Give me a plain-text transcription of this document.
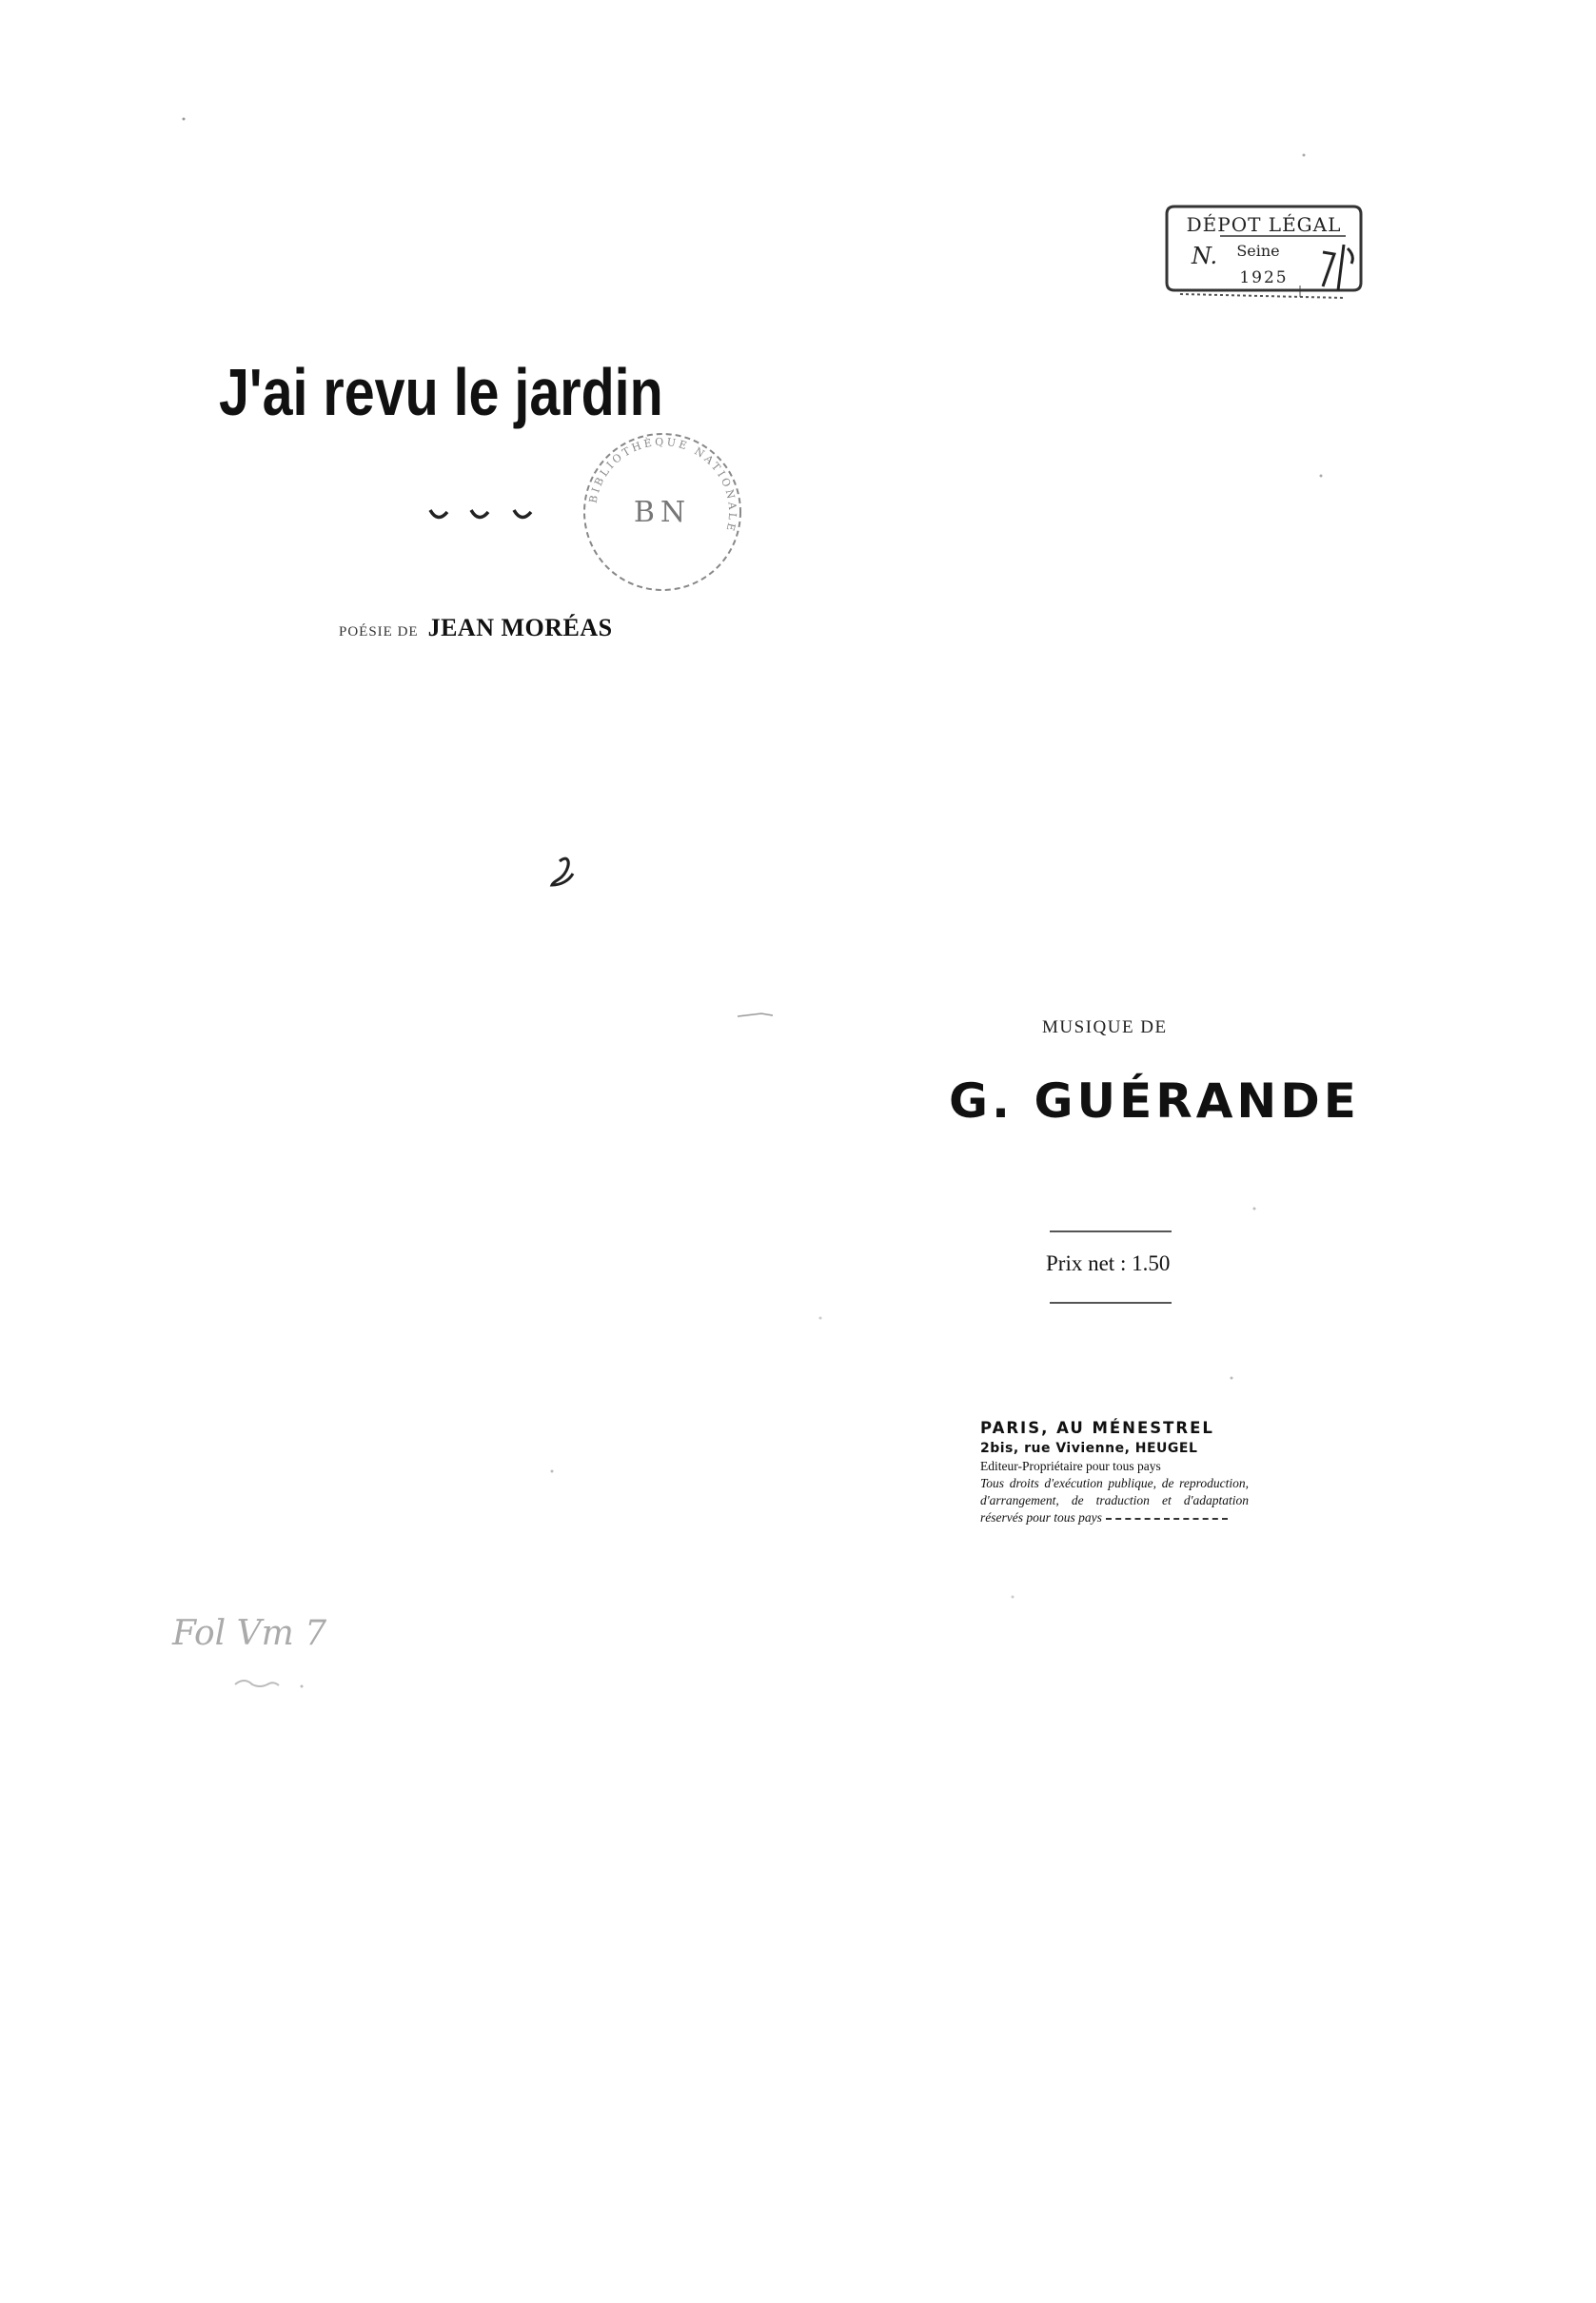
J'ai revu le jardin
BIBLIOTHÈQUE NATIONALE
BN
POÉSIE DE JEAN MORÉAS
DÉPOT LÉGAL
N. Seine
1925
MUSIQUE DE
G. GUÉRANDE
Prix net : 1.50
PARIS, AU MÉNESTREL
2bis, rue Vivienne, HEUGEL
Editeur-Propriétaire pour tous pays
Tous droits d'exécution publique, de reproduction, d'arrangement, de traduction et d'adaptation réservés pour tous pays
Fol Vm 7
